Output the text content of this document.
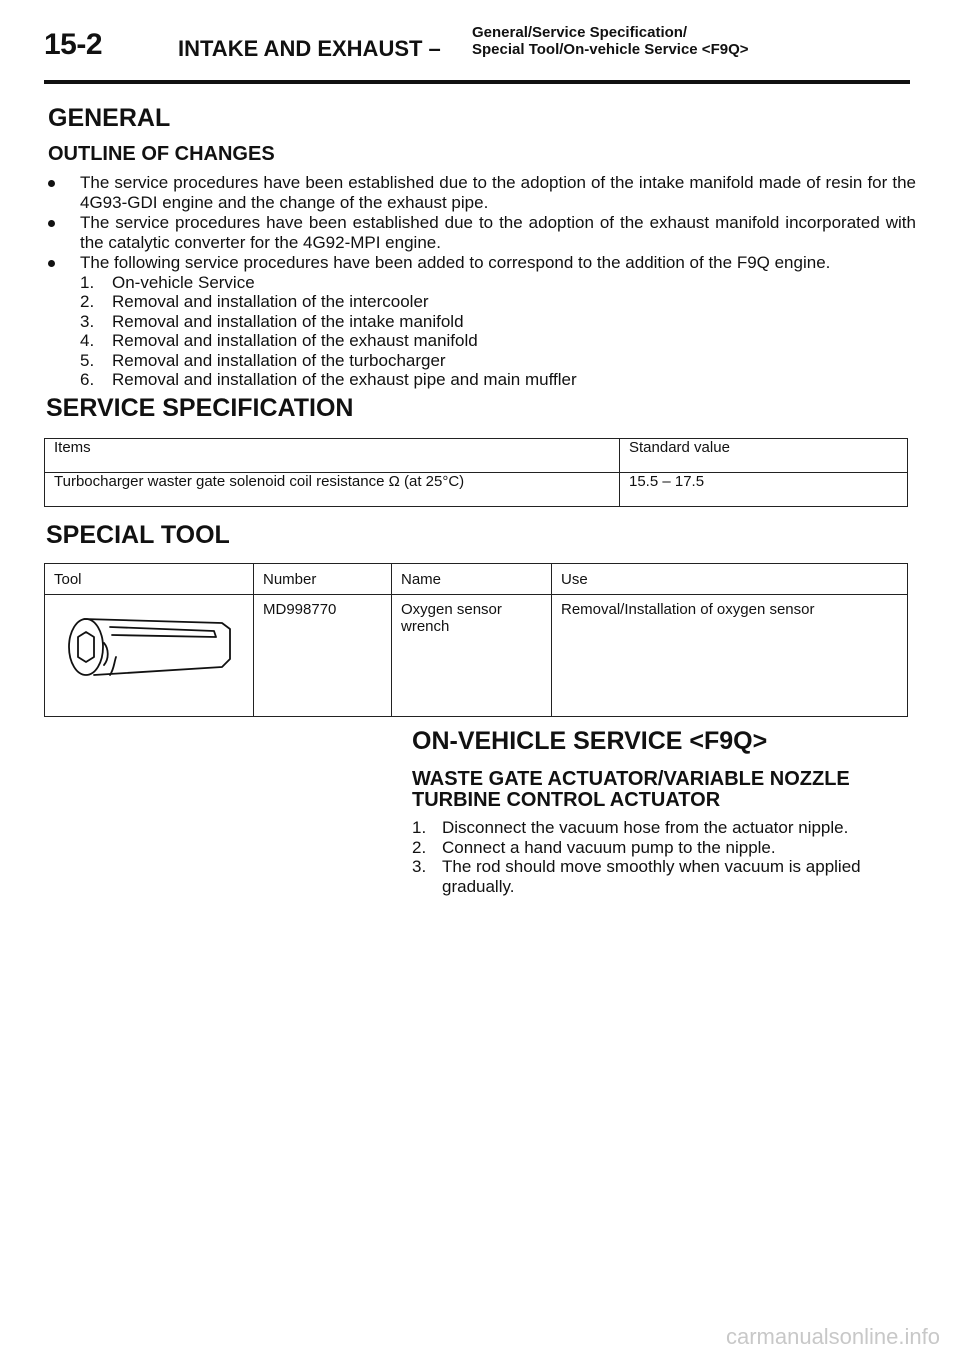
15-2	INTAKE AND EXHAUST –
General/Service Specification/
Special Tool/On-vehicle Service <F9Q>
GENERAL
OUTLINE OF CHANGES
The service procedures have been established due to the adoption of the intake manifold made of resin for the 4G93-GDI engine and the change of the exhaust pipe.
The service procedures have been established due to the adoption of the exhaust manifold incorporated with the catalytic converter for the 4G92-MPI engine.
The following service procedures have been added to correspond to the addition of the F9Q engine.
1.	On-vehicle Service
2.	Removal and installation of the intercooler
3.	Removal and installation of the intake manifold
4.	Removal and installation of the exhaust manifold
5.	Removal and installation of the turbocharger
6.	Removal and installation of the exhaust pipe and main muffler
SERVICE SPECIFICATION
Items	Standard value
Turbocharger waster gate solenoid coil resistance Ω (at 25°C)	15.5 – 17.5
SPECIAL TOOL
Tool	Number	Name	Use
	MD998770	Oxygen sensor wrench	Removal/Installation of oxygen sensor
ON-VEHICLE SERVICE <F9Q>
WASTE GATE ACTUATOR/VARIABLE NOZZLE TURBINE CONTROL ACTUATOR
1. Disconnect the vacuum hose from the actuator nipple.
2. Connect a hand vacuum pump to the nipple.
3. The rod should move smoothly when vacuum is applied gradually.
carmanualsonline.info
